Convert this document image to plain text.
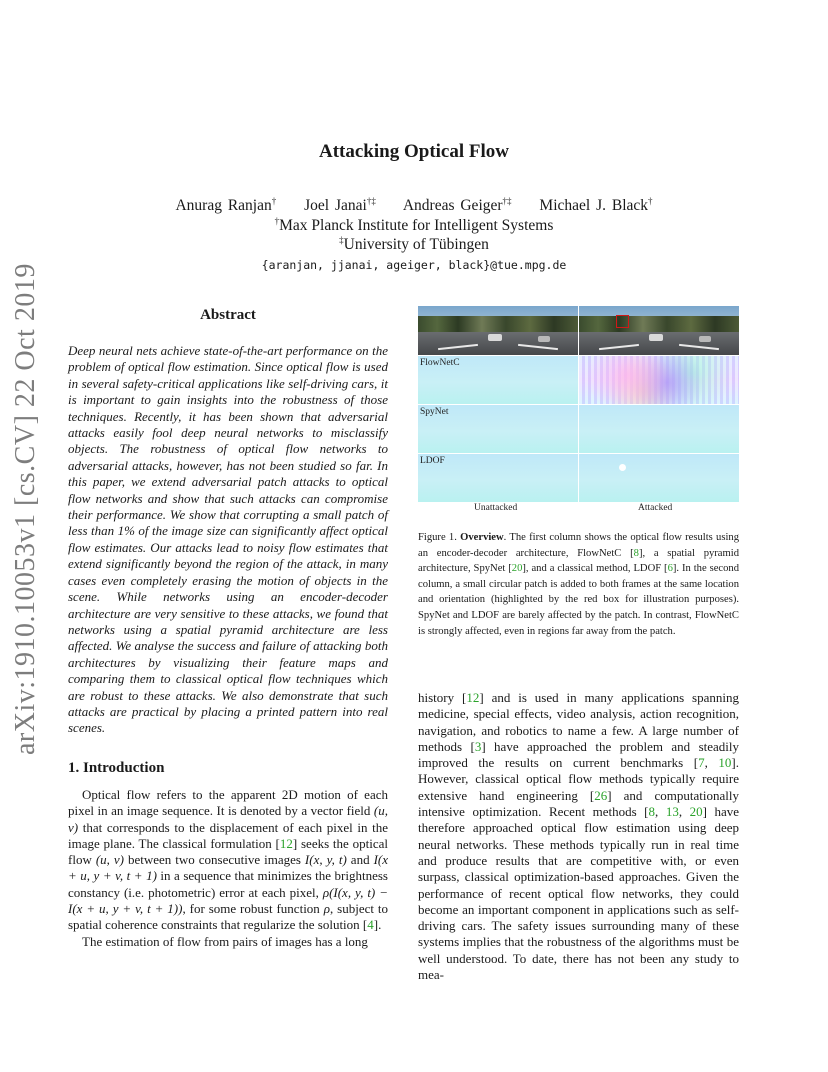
arXiv:1910.10053v1 [cs.CV] 22 Oct 2019
Attacking Optical Flow
Anurag Ranjan† Joel Janai†‡ Andreas Geiger†‡ Michael J. Black†
†Max Planck Institute for Intelligent Systems
‡University of Tübingen
{aranjan, jjanai, ageiger, black}@tue.mpg.de
Abstract
Deep neural nets achieve state-of-the-art performance on the problem of optical flow estimation. Since optical flow is used in several safety-critical applications like self-driving cars, it is important to gain insights into the robustness of those techniques. Recently, it has been shown that adversarial attacks easily fool deep neural networks to misclassify objects. The robustness of optical flow networks to adversarial attacks, however, has not been studied so far. In this paper, we extend adversarial patch attacks to optical flow networks and show that such attacks can compromise their performance. We show that corrupting a small patch of less than 1% of the image size can significantly affect optical flow estimates. Our attacks lead to noisy flow estimates that extend significantly beyond the region of the attack, in many cases even completely erasing the motion of objects in the scene. While networks using an encoder-decoder architecture are very sensitive to these attacks, we found that networks using a spatial pyramid architecture are less affected. We analyse the success and failure of attacking both architectures by visualizing their feature maps and comparing them to classical optical flow techniques which are robust to these attacks. We also demonstrate that such attacks are practical by placing a printed pattern into real scenes.
FlowNetC
SpyNet
LDOF
Unattacked	Attacked
Figure 1. Overview. The first column shows the optical flow results using an encoder-decoder architecture, FlowNetC [8], a spatial pyramid architecture, SpyNet [20], and a classical method, LDOF [6]. In the second column, a small circular patch is added to both frames at the same location and orientation (highlighted by the red box for illustration purposes). SpyNet and LDOF are barely affected by the patch. In contrast, FlowNetC is strongly affected, even in regions far away from the patch.
1. Introduction

Optical flow refers to the apparent 2D motion of each pixel in an image sequence. It is denoted by a vector field (u, v) that corresponds to the displacement of each pixel in the image plane. The classical formulation [12] seeks the optical flow (u, v) between two consecutive images I(x, y, t) and I(x + u, y + v, t + 1) in a sequence that minimizes the brightness constancy (i.e. photometric) error at each pixel, ρ(I(x, y, t) − I(x + u, y + v, t + 1)), for some robust function ρ, subject to spatial coherence constraints that regularize the solution [4].

The estimation of flow from pairs of images has a long

history [12] and is used in many applications spanning medicine, special effects, video analysis, action recognition, navigation, and robotics to name a few. A large number of methods [3] have approached the problem and steadily improved the results on current benchmarks [7, 10]. However, classical optical flow methods typically require extensive hand engineering [26] and computationally intensive optimization. Recent methods [8, 13, 20] have therefore approached optical flow estimation using deep neural networks. These methods typically run in real time and produce results that are competitive with, or even surpass, classical optimization-based approaches. Given the performance of recent optical flow networks, they could become an important component in applications such as self-driving cars. The safety issues surrounding many of these systems implies that the robustness of the algorithms must be well understood. To date, there has not been any study to mea-
